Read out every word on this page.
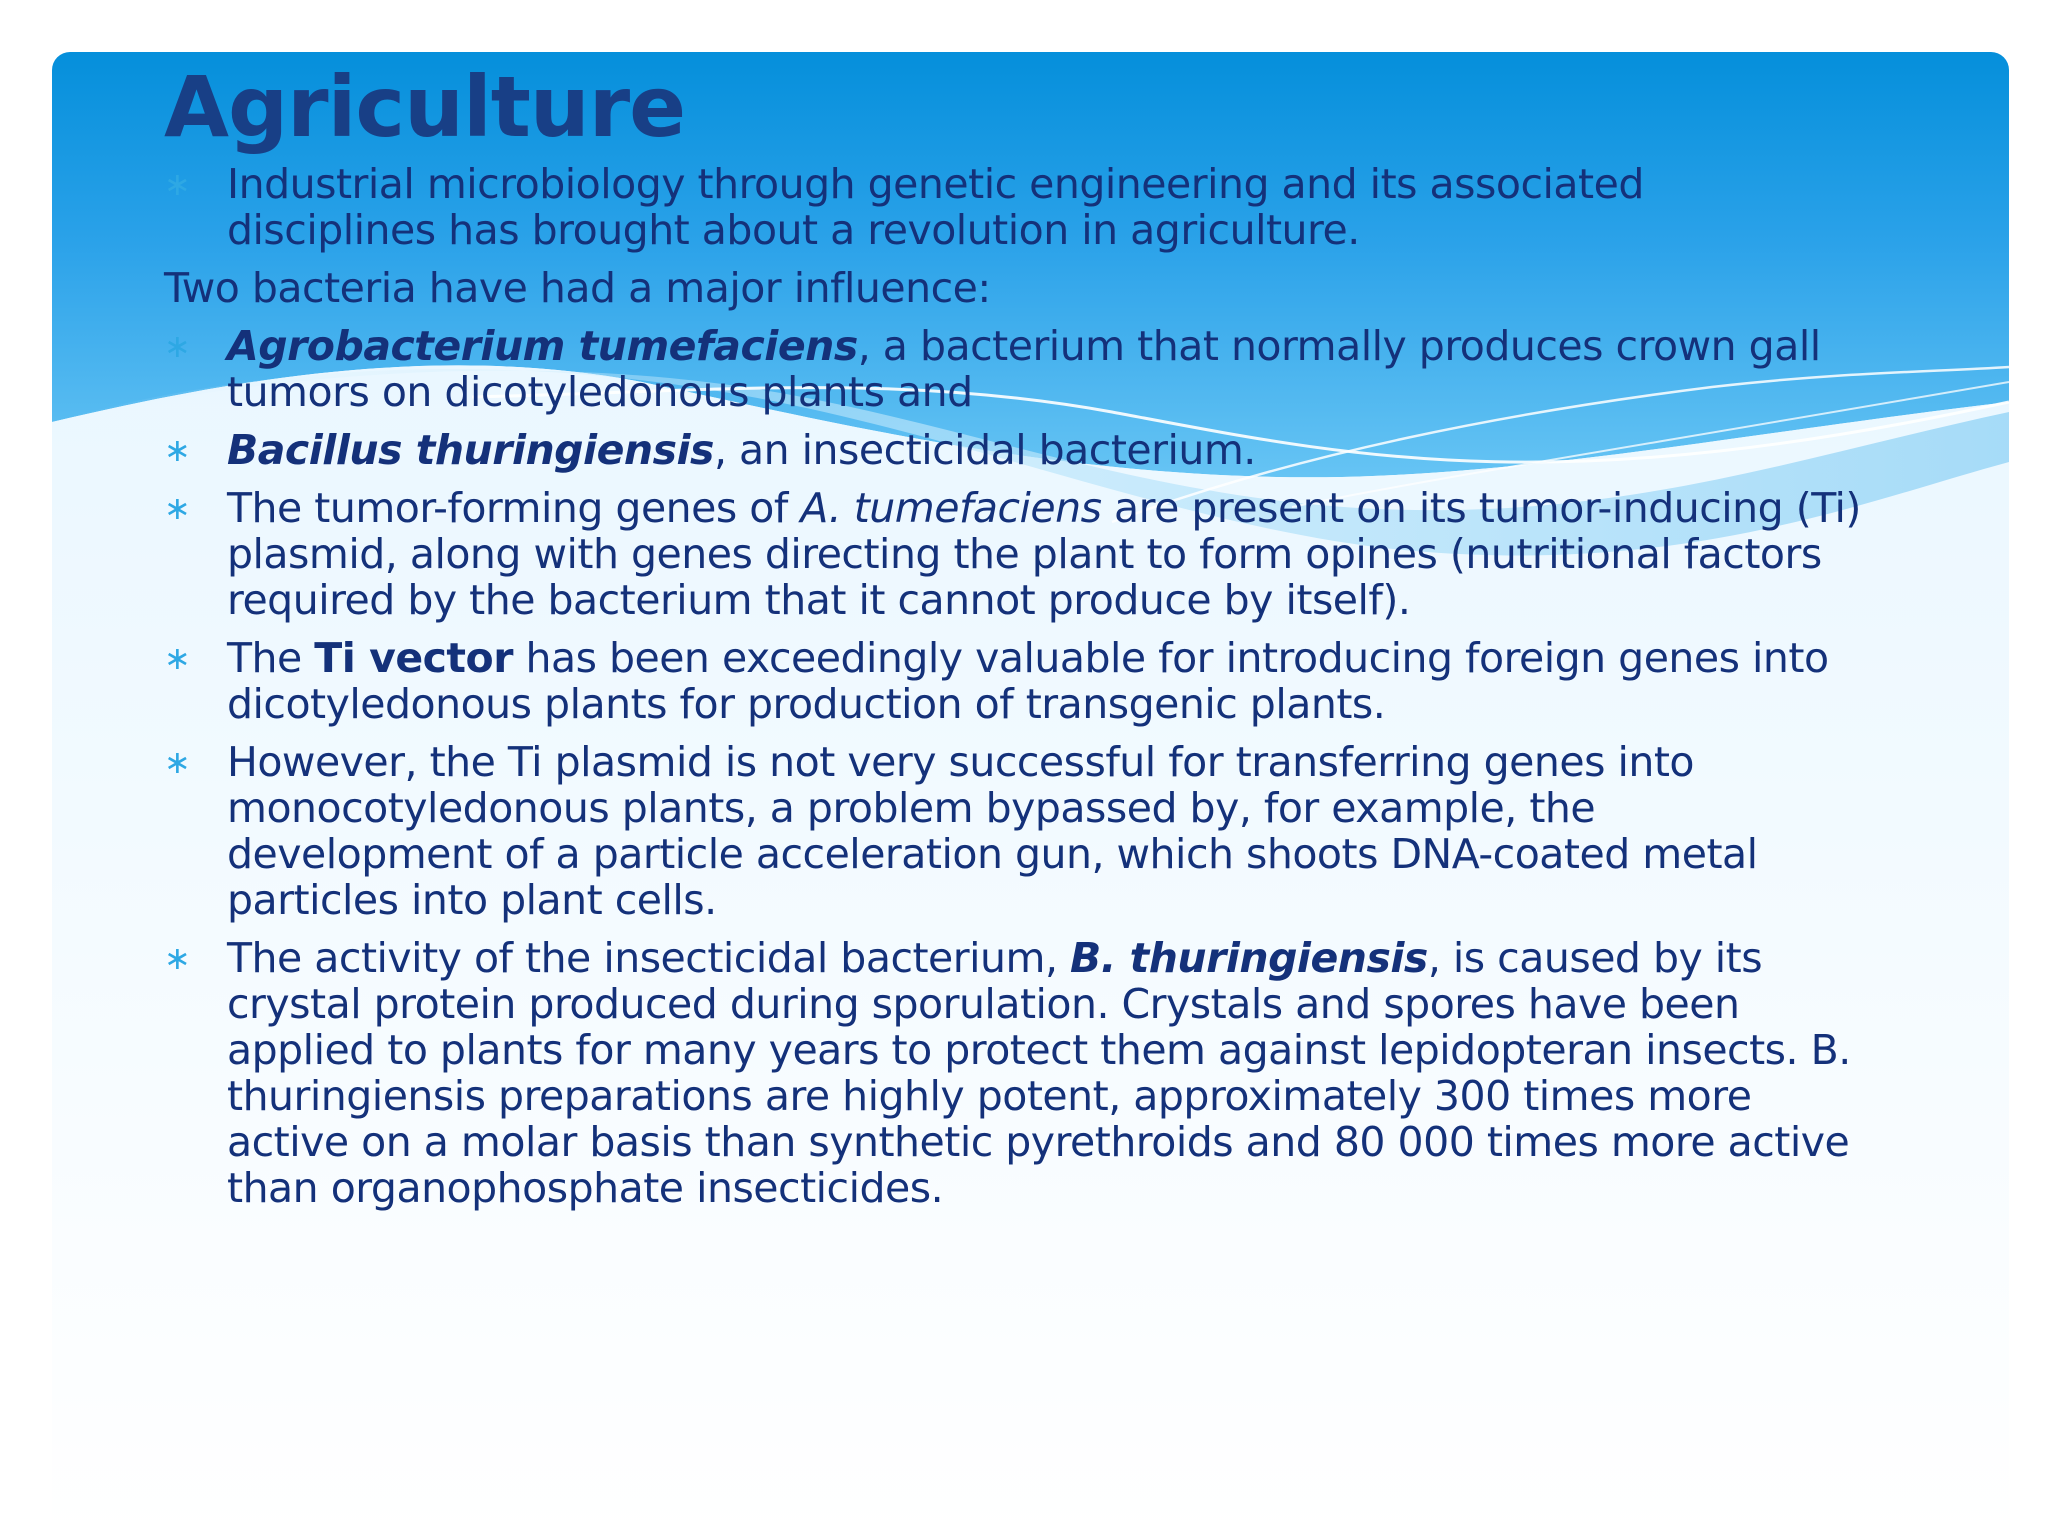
Agriculture
∗ Industrial microbiology through genetic engineering and its associated disciplines has brought about a revolution in agriculture.
Two bacteria have had a major influence:
∗ Agrobacterium tumefaciens, a bacterium that normally produces crown gall tumors on dicotyledonous plants and
∗ Bacillus thuringiensis, an insecticidal bacterium.
∗ The tumor-forming genes of A. tumefaciens are present on its tumor-inducing (Ti) plasmid, along with genes directing the plant to form opines (nutritional factors required by the bacterium that it cannot produce by itself).
∗ The Ti vector has been exceedingly valuable for introducing foreign genes into dicotyledonous plants for production of transgenic plants.
∗ However, the Ti plasmid is not very successful for transferring genes into monocotyledonous plants, a problem bypassed by, for example, the development of a particle acceleration gun, which shoots DNA-coated metal particles into plant cells.
∗ The activity of the insecticidal bacterium, B. thuringiensis, is caused by its crystal protein produced during sporulation. Crystals and spores have been applied to plants for many years to protect them against lepidopteran insects. B. thuringiensis preparations are highly potent, approximately 300 times more active on a molar basis than synthetic pyrethroids and 80 000 times more active than organophosphate insecticides.
